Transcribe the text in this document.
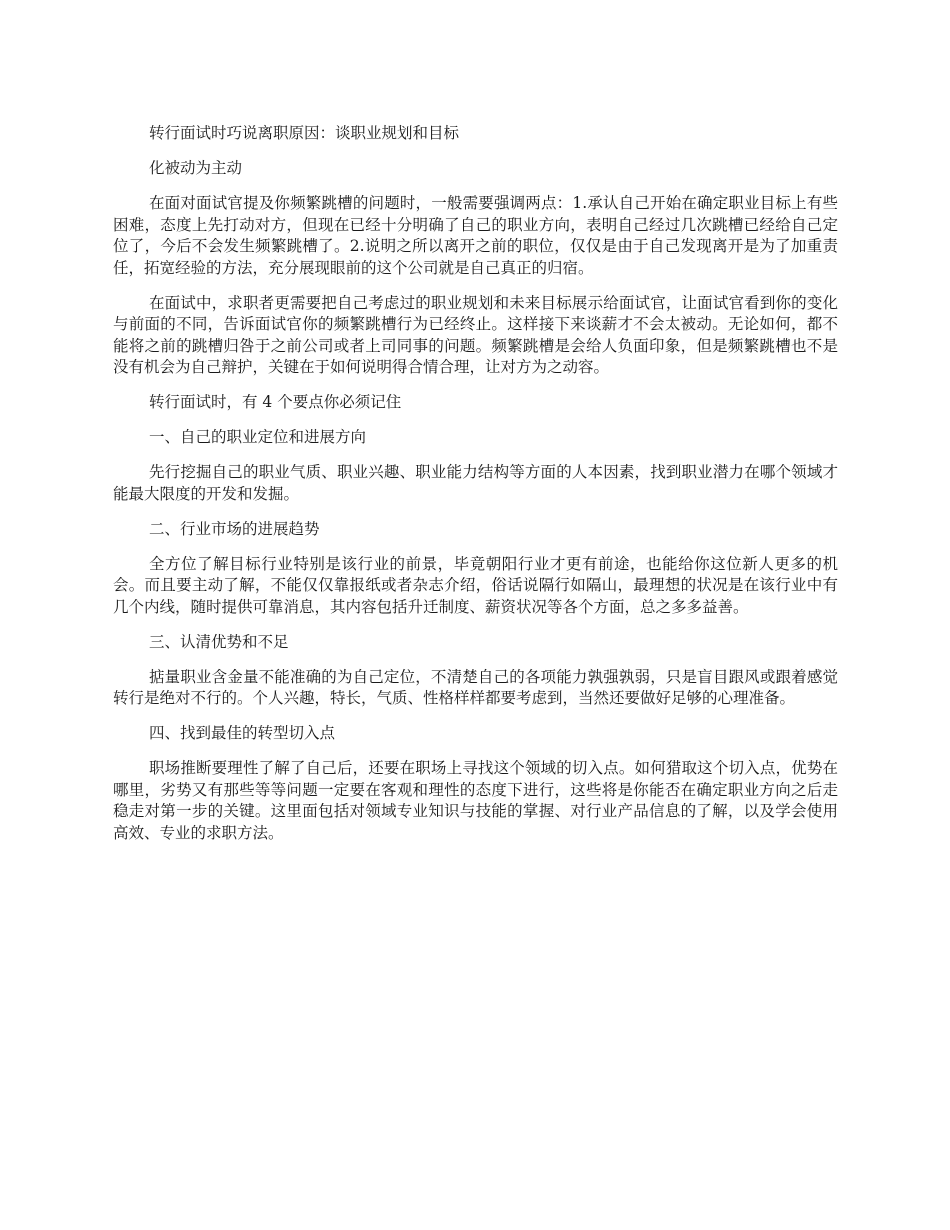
转行面试时巧说离职原因：谈职业规划和目标

化被动为主动

在面对面试官提及你频繁跳槽的问题时，一般需要强调两点：1.承认自己开始在确定职业目标上有些困难，态度上先打动对方，但现在已经十分明确了自己的职业方向，表明自己经过几次跳槽已经给自己定位了，今后不会发生频繁跳槽了。2.说明之所以离开之前的职位，仅仅是由于自己发现离开是为了加重责任，拓宽经验的方法，充分展现眼前的这个公司就是自己真正的归宿。

在面试中，求职者更需要把自己考虑过的职业规划和未来目标展示给面试官，让面试官看到你的变化与前面的不同，告诉面试官你的频繁跳槽行为已经终止。这样接下来谈薪才不会太被动。无论如何，都不能将之前的跳槽归咎于之前公司或者上司同事的问题。频繁跳槽是会给人负面印象，但是频繁跳槽也不是没有机会为自己辩护，关键在于如何说明得合情合理，让对方为之动容。

转行面试时，有 4 个要点你必须记住

一、自己的职业定位和进展方向

先行挖掘自己的职业气质、职业兴趣、职业能力结构等方面的人本因素，找到职业潜力在哪个领域才能最大限度的开发和发掘。

二、行业市场的进展趋势

全方位了解目标行业特别是该行业的前景，毕竟朝阳行业才更有前途，也能给你这位新人更多的机会。而且要主动了解，不能仅仅靠报纸或者杂志介绍，俗话说隔行如隔山，最理想的状况是在该行业中有几个内线，随时提供可靠消息，其内容包括升迁制度、薪资状况等各个方面，总之多多益善。

三、认清优势和不足

掂量职业含金量不能准确的为自己定位，不清楚自己的各项能力孰强孰弱，只是盲目跟风或跟着感觉转行是绝对不行的。个人兴趣，特长，气质、性格样样都要考虑到，当然还要做好足够的心理准备。

四、找到最佳的转型切入点

职场推断要理性了解了自己后，还要在职场上寻找这个领域的切入点。如何猎取这个切入点，优势在哪里，劣势又有那些等等问题一定要在客观和理性的态度下进行，这些将是你能否在确定职业方向之后走稳走对第一步的关键。这里面包括对领域专业知识与技能的掌握、对行业产品信息的了解，以及学会使用高效、专业的求职方法。
